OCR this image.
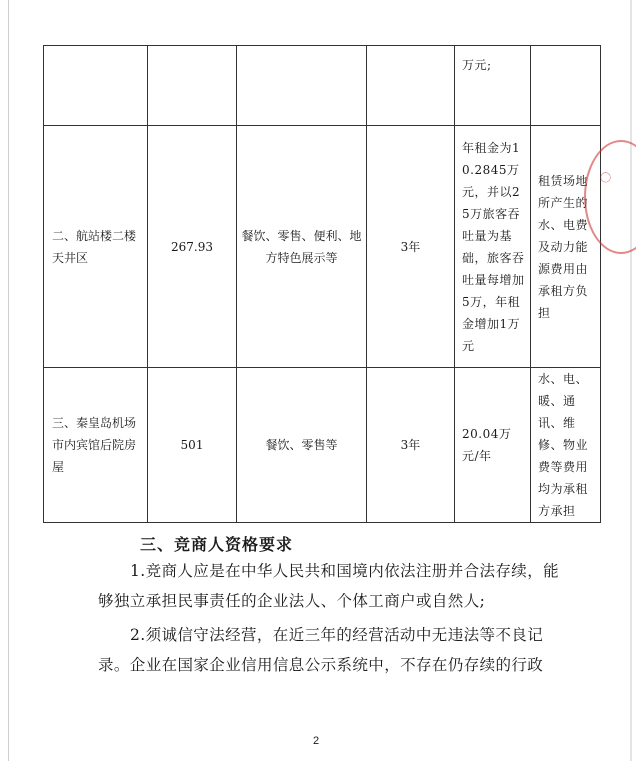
				万元;	
二、航站楼二楼天井区	267.93	餐饮、零售、便利、地方特色展示等	3年	年租金为10.2845万元，并以25万旅客吞吐量为基础，旅客吞吐量每增加5万，年租金增加1万元	租赁场地所产生的水、电费及动力能源费用由承租方负担
三、秦皇岛机场市内宾馆后院房屋	501	餐饮、零售等	3年	20.04万元/年	水、电、暖、通讯、维修、物业费等费用均为承租方承担
◯
三、竞商人资格要求

1.竞商人应是在中华人民共和国境内依法注册并合法存续，能够独立承担民事责任的企业法人、个体工商户或自然人;

2.须诚信守法经营，在近三年的经营活动中无违法等不良记录。企业在国家企业信用信息公示系统中，不存在仍存续的行政

2
